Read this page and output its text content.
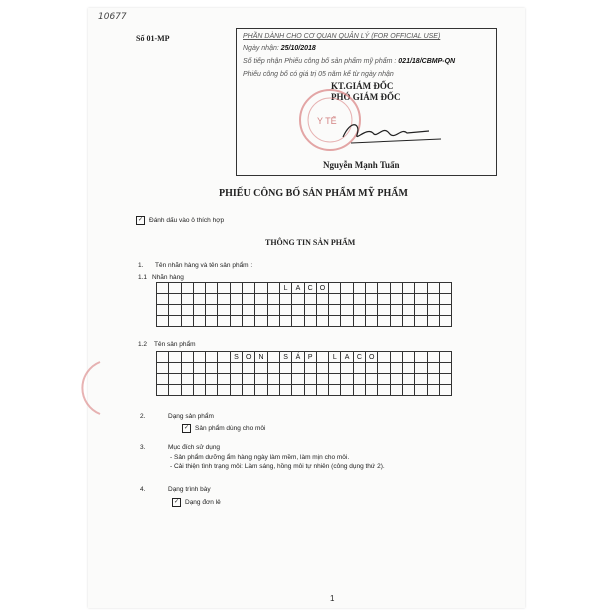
10677
Số 01-MP	PHẦN DÀNH CHO CƠ QUAN QUẢN LÝ (FOR OFFICIAL USE)
Ngày nhận: 25/10/2018
Số tiếp nhận Phiếu công bố sản phẩm mỹ phẩm : 021/18/CBMP-QN
Phiếu công bố có giá trị 05 năm kể từ ngày nhận
KT.GIÁM ĐỐC
PHÓ GIÁM ĐỐC
Y TẾ
Nguyễn Mạnh Tuấn
PHIẾU CÔNG BỐ SẢN PHẨM MỸ PHẨM
✓ Đánh dấu vào ô thích hợp
THÔNG TIN SẢN PHẨM
1. Tên nhãn hàng và tên sản phẩm :
1.1 Nhãn hàng
L	A	C	O
1.2 Tên sản phẩm
S	O	N	S	Á	P	L	A	C	O
2.	Dạng sản phẩm
✓ Sản phẩm dùng cho môi
3.	Mục đích sử dụng
- Sản phẩm dưỡng ẩm hàng ngày làm mềm, làm mịn cho môi.
- Cải thiện tình trạng môi: Làm sáng, hồng môi tự nhiên (công dụng thứ 2).
4.	Dạng trình bày
✓ Dạng đơn lẻ
1
